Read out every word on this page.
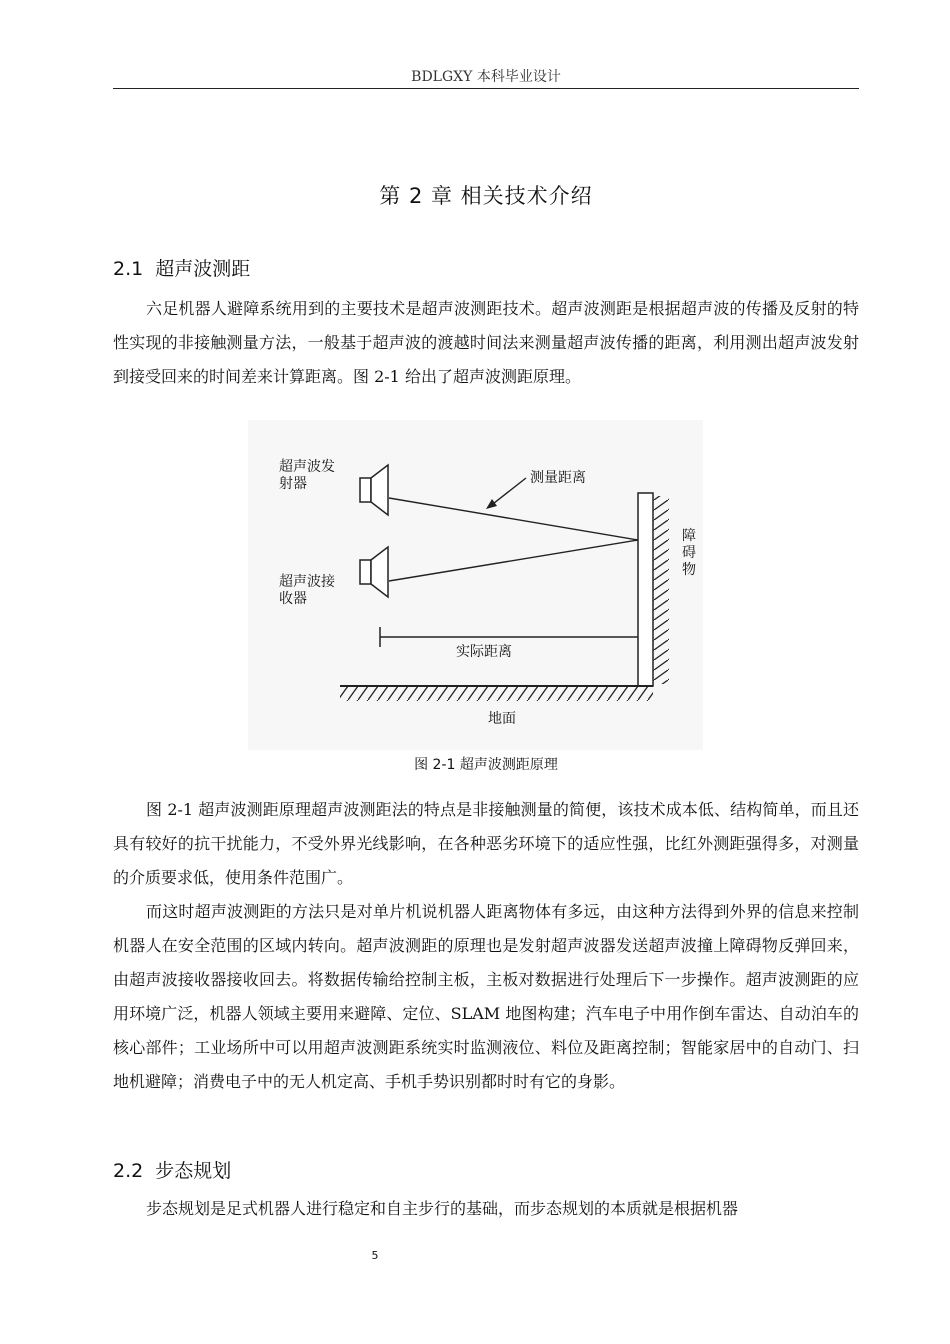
BDLGXY 本科毕业设计
第 2 章 相关技术介绍
2.1 超声波测距

六足机器人避障系统用到的主要技术是超声波测距技术。超声波测距是根据超声波的传播及反射的特性实现的非接触测量方法，一般基于超声波的渡越时间法来测量超声波传播的距离，利用测出超声波发射到接受回来的时间差来计算距离。图 2-1 给出了超声波测距原理。

超声波发
射器
超声波接
收器
测量距离
障
碍
物
实际距离
地面
图 2-1 超声波测距原理

图 2-1 超声波测距原理超声波测距法的特点是非接触测量的简便，该技术成本低、结构简单，而且还具有较好的抗干扰能力，不受外界光线影响，在各种恶劣环境下的适应性强，比红外测距强得多，对测量的介质要求低，使用条件范围广。

而这时超声波测距的方法只是对单片机说机器人距离物体有多远，由这种方法得到外界的信息来控制机器人在安全范围的区域内转向。超声波测距的原理也是发射超声波器发送超声波撞上障碍物反弹回来，由超声波接收器接收回去。将数据传输给控制主板，主板对数据进行处理后下一步操作。超声波测距的应用环境广泛，机器人领域主要用来避障、定位、SLAM 地图构建；汽车电子中用作倒车雷达、自动泊车的核心部件；工业场所中可以用超声波测距系统实时监测液位、料位及距离控制；智能家居中的自动门、扫地机避障；消费电子中的无人机定高、手机手势识别都时时有它的身影。

2.2 步态规划

步态规划是足式机器人进行稳定和自主步行的基础，而步态规划的本质就是根据机器

5
